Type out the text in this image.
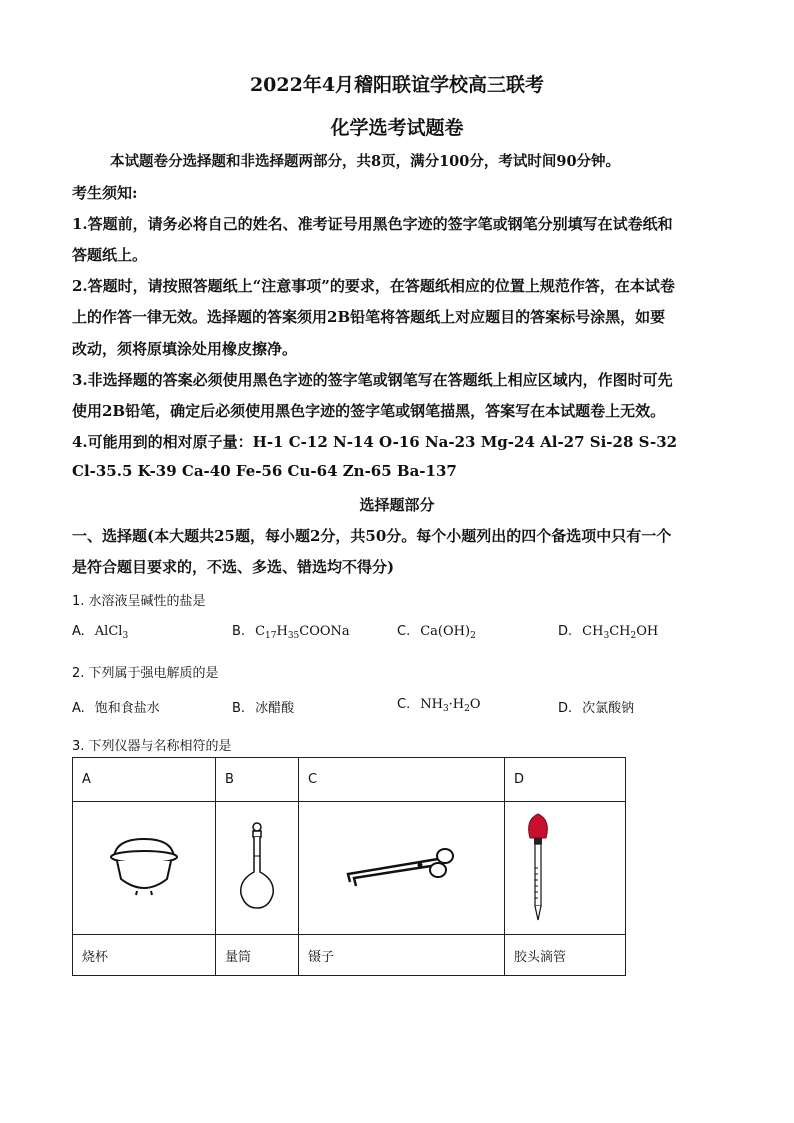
2022年4月稽阳联谊学校高三联考
化学选考试题卷
本试题卷分选择题和非选择题两部分，共8页，满分100分，考试时间90分钟。
考生须知:
1.答题前，请务必将自己的姓名、准考证号用黑色字迹的签字笔或钢笔分别填写在试卷纸和
答题纸上。
2.答题时，请按照答题纸上“注意事项”的要求，在答题纸相应的位置上规范作答，在本试卷
上的作答一律无效。选择题的答案须用2B铅笔将答题纸上对应题目的答案标号涂黑，如要
改动，须将原填涂处用橡皮擦净。
3.非选择题的答案必须使用黑色字迹的签字笔或钢笔写在答题纸上相应区域内，作图时可先
使用2B铅笔，确定后必须使用黑色字迹的签字笔或钢笔描黑，答案写在本试题卷上无效。
4.可能用到的相对原子量：H-1 C-12 N-14 O-16 Na-23 Mg-24 Al-27 Si-28 S-32
Cl-35.5 K-39 Ca-40 Fe-56 Cu-64 Zn-65 Ba-137
选择题部分
一、选择题(本大题共25题，每小题2分，共50分。每个小题列出的四个备选项中只有一个
是符合题目要求的，不选、多选、错选均不得分)
1. 水溶液呈碱性的盐是
A. AlCl$_3$	B. $C_{17}H_{35}COONa$	C. $Ca(OH)_2$	D. $CH_3CH_2OH$
2. 下列属于强电解质的是
A. 饱和食盐水	B. 冰醋酸	C. $NH_3\cdot H_2O$	D. 次氯酸钠
3. 下列仪器与名称相符的是
A	B	C	D

烧杯	量筒	镊子	胶头滴管
